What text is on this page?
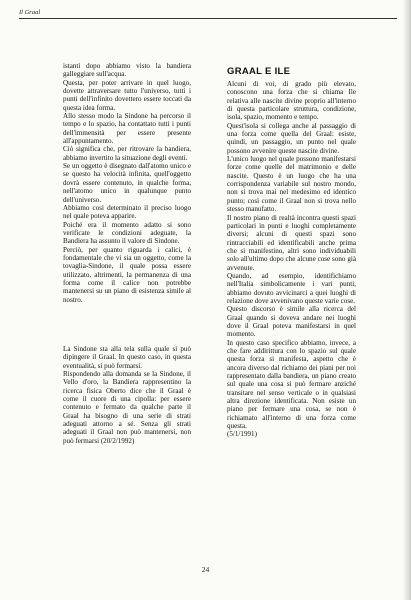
Il Graal

istanti dopo abbiamo visto la bandiera galleggiare sull'acqua.

Questa, per poter arrivare in quel luogo, dovette attraversare tutto l'universo, tutti i punti dell'infinito dovettero essere toccati da questa idea forma.

Allo stesso modo la Sindone ha percorso il tempo e lo spazio, ha contattato tutti i punti dell'immensità per essere presente all'appuntamento.

Ciò significa che, per ritrovare la bandiera, abbiamo invertito la situazione degli eventi.

Se un oggetto è disegnato dall'atomo unico e se questo ha velocità infinita, quell'oggetto dovrà essere contenuto, in qualche forma, nell'atomo unico in qualunque punto dell'universo.

Abbiamo così determinato il preciso luogo nel quale poteva apparire.

Poiché era il momento adatto si sono verificate le condizioni adeguate, la Bandiera ha assunto il valore di Sindone.

Perciò, per quanto riguarda i calici, è fondamentale che vi sia un oggetto, come la tovaglia-Sindone, il quale possa essere utilizzato, altrimenti, la permanenza di una forma come il calice non potrebbe mantenersi su un piano di esistenza simile al nostro.

La Sindone sta alla tela sulla quale si può dipingere il Graal. In questo caso, in questa eventualità, si può fermarsi.

Rispondendo alla domanda se la Sindone, il Vello d'oro, la Bandiera rappresentino la ricerca fisica Oberto dice che il Graal è come il cuore di una cipolla: per essere contenuto e fermato da qualche parte il Graal ha bisogno di una serie di strati adeguati attorno a sé. Senza gli strati adeguati il Graal non può mantenersi, non può fermarsi (20/2/1992)

GRAAL E ILE

Alcuni di voi, di grado più elevato, conoscono una forza che si chiama Ile relativa alle nascite divine proprio all'interno di questa particolare struttura, condizione, isola, spazio, momento e tempo.

Quest'isola si collega anche al passaggio di una forza come quella del Graal: esiste, quindi, un passaggio, un punto nel quale possono avvenire queste nascite divine.

L'unico luogo nel quale possono manifestarsi forze come quelle del matrimonio e delle nascite. Questo è un luogo che ha una corrispondenza variabile sul nostro mondo, non si trova mai nel medesimo ed identico punto; così come il Graal non si trova nello stesso manufatto.

Il nostro piano di realtà incontra questi spazi particolari in punti e luoghi completamente diversi; alcuni di questi spazi sono rintracciabili ed identificabili anche prima che si manifestino, altri sono individuabili solo all'ultimo dopo che alcune cose sono già avvenute.

Quando, ad esempio, identifichiamo nell'Italia simbolicamente i vari punti, abbiamo dovuto avvicinarci a quei luoghi di relazione dove avvenivano queste varie cose.

Questo discorso è simile alla ricerca del Graal quando si doveva andare nei luoghi dove il Graal poteva manifestarsi in quel momento.

In questo caso specifico abbiamo, invece, a che fare addirittura con lo spazio sul quale questa forza si manifesta, aspetto che è ancora diverso dal richiamo dei piani per noi rappresentato dalla bandiera, un piano creato sul quale una cosa si può fermare anziché transitare nel senso verticale o in qualsiasi altra direzione identificata. Non esiste un piano per fermare una cosa, se non è richiamato all'interno di una forza come questa.

(5/1/1991)

24
